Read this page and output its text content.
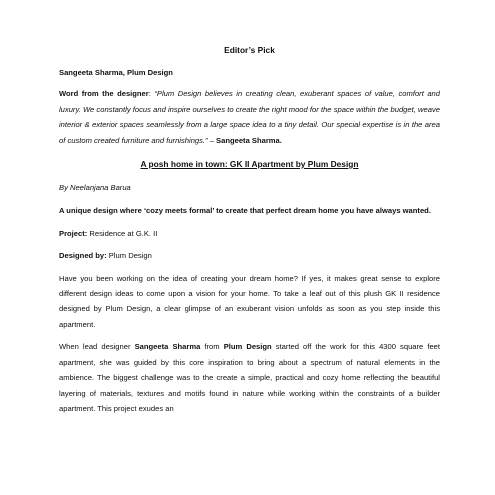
Editor’s Pick
Sangeeta Sharma, Plum Design
Word from the designer: “Plum Design believes in creating clean, exuberant spaces of value, comfort and luxury. We constantly focus and inspire ourselves to create the right mood for the space within the budget, weave interior & exterior spaces seamlessly from a large space idea to a tiny detail. Our special expertise is in the area of custom created furniture and furnishings.” – Sangeeta Sharma.
A posh home in town: GK II Apartment by Plum Design
By Neelanjana Barua
A unique design where ‘cozy meets formal’ to create that perfect dream home you have always wanted.
Project: Residence at G.K. II
Designed by: Plum Design
Have you been working on the idea of creating your dream home? If yes, it makes great sense to explore different design ideas to come upon a vision for your home. To take a leaf out of this plush GK II residence designed by Plum Design, a clear glimpse of an exuberant vision unfolds as soon as you step inside this apartment.
When lead designer Sangeeta Sharma from Plum Design started off the work for this 4300 square feet apartment, she was guided by this core inspiration to bring about a spectrum of natural elements in the ambience. The biggest challenge was to the create a simple, practical and cozy home reflecting the beautiful layering of materials, textures and motifs found in nature while working within the constraints of a builder apartment. This project exudes an
